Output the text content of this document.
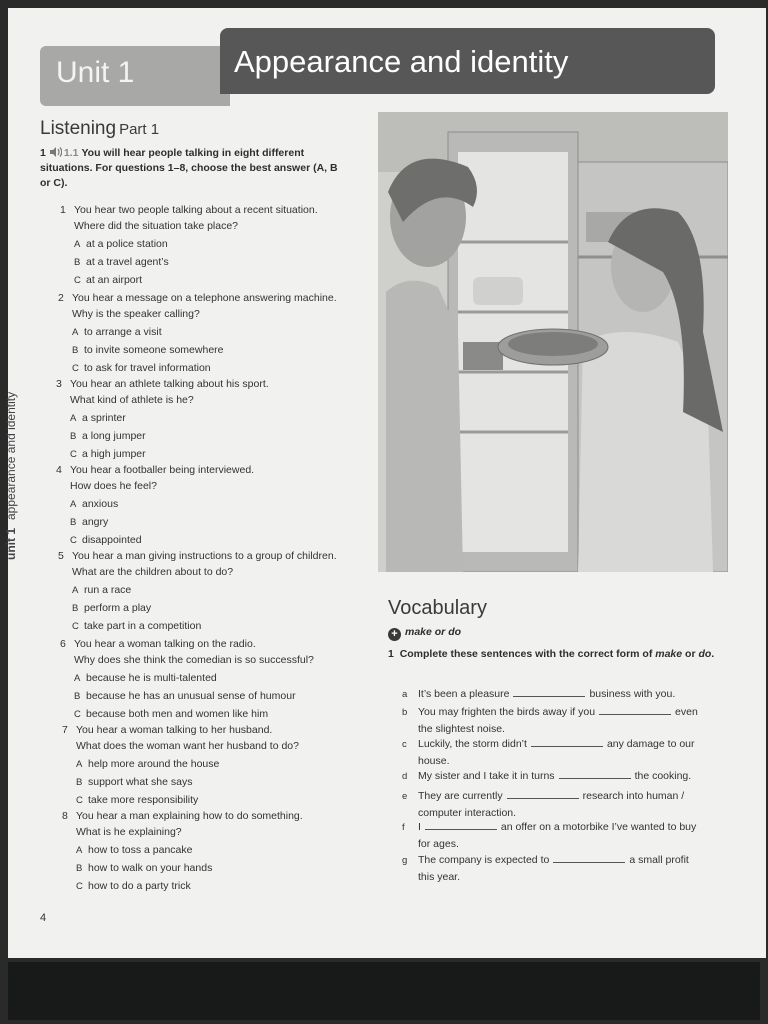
Unit 1	Appearance and identity
unit 1appearance and identity
Listening Part 1
1 1.1 You will hear people talking in eight different situations. For questions 1–8, choose the best answer (A, B or C).
1 You hear two people talking about a recent situation.
Where did the situation take place?
A at a police station
B at a travel agent’s
C at an airport
2 You hear a message on a telephone answering machine.
Why is the speaker calling?
A to arrange a visit
B to invite someone somewhere
C to ask for travel information
3 You hear an athlete talking about his sport.
What kind of athlete is he?
A a sprinter
B a long jumper
C a high jumper
4 You hear a footballer being interviewed.
How does he feel?
A anxious
B angry
C disappointed
5 You hear a man giving instructions to a group of children.
What are the children about to do?
A run a race
B perform a play
C take part in a competition
6 You hear a woman talking on the radio.
Why does she think the comedian is so successful?
A because he is multi-talented
B because he has an unusual sense of humour
C because both men and women like him
7 You hear a woman talking to her husband.
What does the woman want her husband to do?
A help more around the house
B support what she says
C take more responsibility
8 You hear a man explaining how to do something.
What is he explaining?
A how to toss a pancake
B how to walk on your hands
C how to do a party trick
Vocabulary
+ make or do
1 Complete these sentences with the correct form of make or do.
a It’s been a pleasure	business with you.
b You may frighten the birds away if you	even
the slightest noise.
c Luckily, the storm didn’t	any damage to our
house.
d My sister and I take it in turns	the cooking.
e They are currently	research into human /
computer interaction.
f I	an offer on a motorbike I’ve wanted to buy
for ages.
g The company is expected to	a small profit
this year.
4
